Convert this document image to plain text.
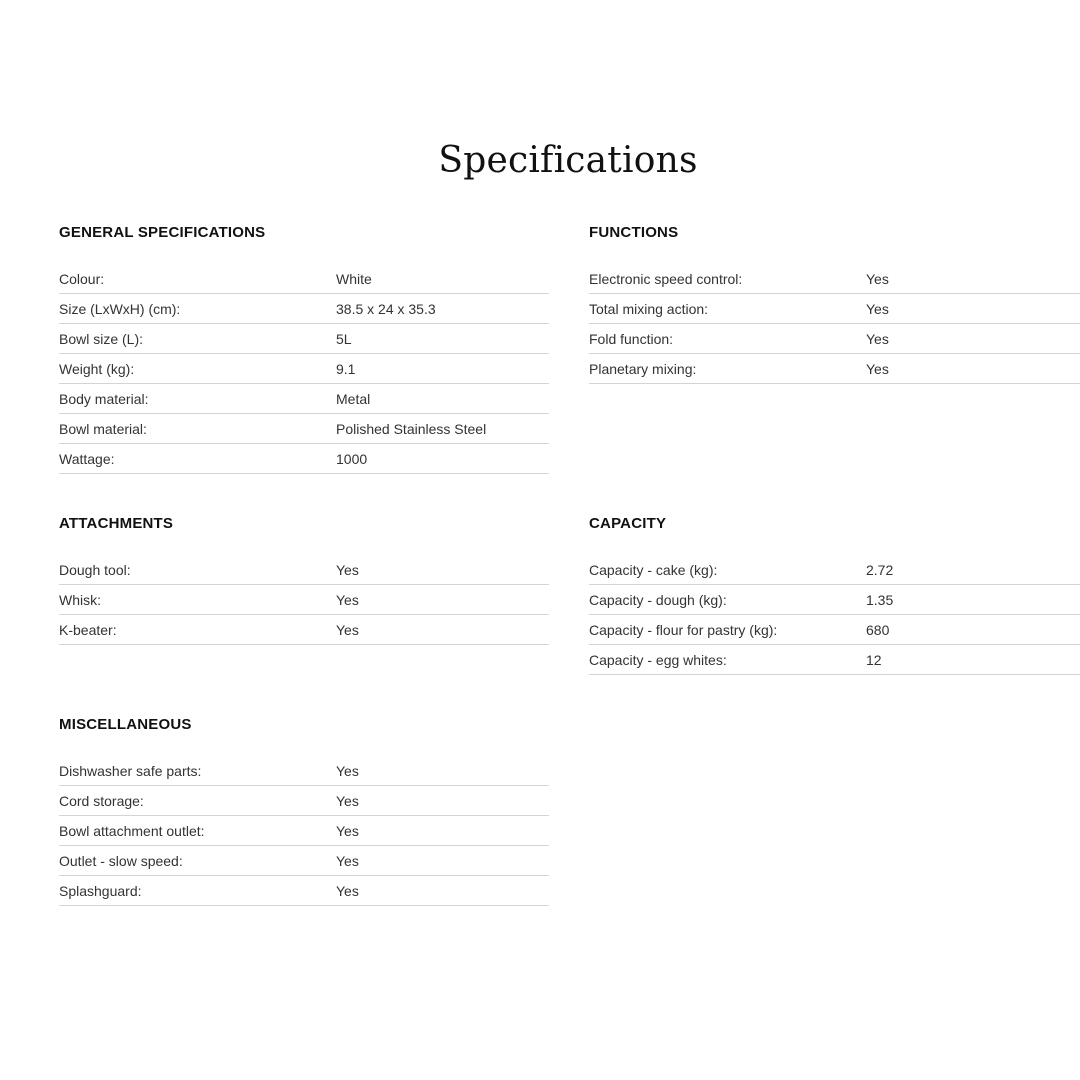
Specifications
GENERAL SPECIFICATIONS
Colour:	White
Size (LxWxH) (cm):	38.5 x 24 x 35.3
Bowl size (L):	5L
Weight (kg):	9.1
Body material:	Metal
Bowl material:	Polished Stainless Steel
Wattage:	1000
FUNCTIONS
Electronic speed control:	Yes
Total mixing action:	Yes
Fold function:	Yes
Planetary mixing:	Yes
ATTACHMENTS
Dough tool:	Yes
Whisk:	Yes
K-beater:	Yes
CAPACITY
Capacity - cake (kg):	2.72
Capacity - dough (kg):	1.35
Capacity - flour for pastry (kg):	680
Capacity - egg whites:	12
MISCELLANEOUS
Dishwasher safe parts:	Yes
Cord storage:	Yes
Bowl attachment outlet:	Yes
Outlet - slow speed:	Yes
Splashguard:	Yes
